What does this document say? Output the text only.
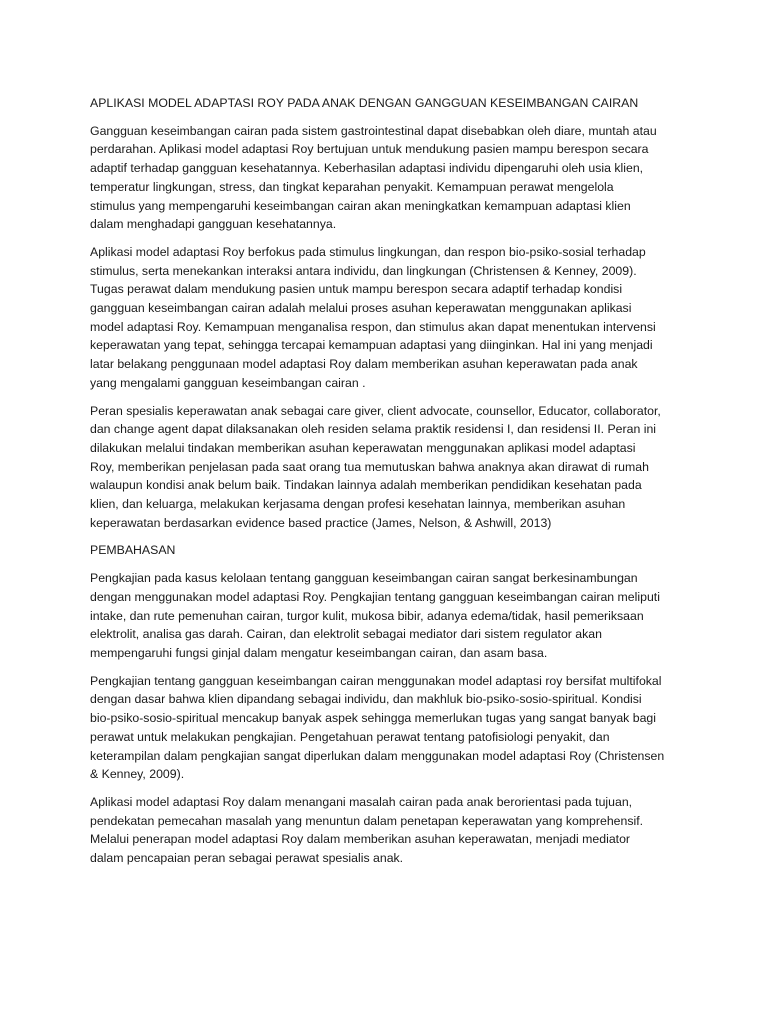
APLIKASI MODEL ADAPTASI ROY PADA ANAK DENGAN GANGGUAN KESEIMBANGAN CAIRAN

Gangguan keseimbangan cairan pada sistem gastrointestinal dapat disebabkan oleh diare, muntah atau
perdarahan. Aplikasi model adaptasi Roy bertujuan untuk mendukung pasien mampu berespon secara
adaptif terhadap gangguan kesehatannya. Keberhasilan adaptasi individu dipengaruhi oleh usia klien,
temperatur lingkungan, stress, dan tingkat keparahan penyakit. Kemampuan perawat mengelola
stimulus yang mempengaruhi keseimbangan cairan akan meningkatkan kemampuan adaptasi klien
dalam menghadapi gangguan kesehatannya.

Aplikasi model adaptasi Roy berfokus pada stimulus lingkungan, dan respon bio-psiko-sosial terhadap
stimulus, serta menekankan interaksi antara individu, dan lingkungan (Christensen & Kenney, 2009).
Tugas perawat dalam mendukung pasien untuk mampu berespon secara adaptif terhadap kondisi
gangguan keseimbangan cairan adalah melalui proses asuhan keperawatan menggunakan aplikasi
model adaptasi Roy. Kemampuan menganalisa respon, dan stimulus akan dapat menentukan intervensi
keperawatan yang tepat, sehingga tercapai kemampuan adaptasi yang diinginkan. Hal ini yang menjadi
latar belakang penggunaan model adaptasi Roy dalam memberikan asuhan keperawatan pada anak
yang mengalami gangguan keseimbangan cairan .

Peran spesialis keperawatan anak sebagai care giver, client advocate, counsellor, Educator, collaborator,
dan change agent dapat dilaksanakan oleh residen selama praktik residensi I, dan residensi II. Peran ini
dilakukan melalui tindakan memberikan asuhan keperawatan menggunakan aplikasi model adaptasi
Roy, memberikan penjelasan pada saat orang tua memutuskan bahwa anaknya akan dirawat di rumah
walaupun kondisi anak belum baik. Tindakan lainnya adalah memberikan pendidikan kesehatan pada
klien, dan keluarga, melakukan kerjasama dengan profesi kesehatan lainnya, memberikan asuhan
keperawatan berdasarkan evidence based practice (James, Nelson, & Ashwill, 2013)

PEMBAHASAN

Pengkajian pada kasus kelolaan tentang gangguan keseimbangan cairan sangat berkesinambungan
dengan menggunakan model adaptasi Roy. Pengkajian tentang gangguan keseimbangan cairan meliputi
intake, dan rute pemenuhan cairan, turgor kulit, mukosa bibir, adanya edema/tidak, hasil pemeriksaan
elektrolit, analisa gas darah. Cairan, dan elektrolit sebagai mediator dari sistem regulator akan
mempengaruhi fungsi ginjal dalam mengatur keseimbangan cairan, dan asam basa.

Pengkajian tentang gangguan keseimbangan cairan menggunakan model adaptasi roy bersifat multifokal
dengan dasar bahwa klien dipandang sebagai individu, dan makhluk bio-psiko-sosio-spiritual. Kondisi
bio-psiko-sosio-spiritual mencakup banyak aspek sehingga memerlukan tugas yang sangat banyak bagi
perawat untuk melakukan pengkajian. Pengetahuan perawat tentang patofisiologi penyakit, dan
keterampilan dalam pengkajian sangat diperlukan dalam menggunakan model adaptasi Roy (Christensen
& Kenney, 2009).

Aplikasi model adaptasi Roy dalam menangani masalah cairan pada anak berorientasi pada tujuan,
pendekatan pemecahan masalah yang menuntun dalam penetapan keperawatan yang komprehensif.
Melalui penerapan model adaptasi Roy dalam memberikan asuhan keperawatan, menjadi mediator
dalam pencapaian peran sebagai perawat spesialis anak.
